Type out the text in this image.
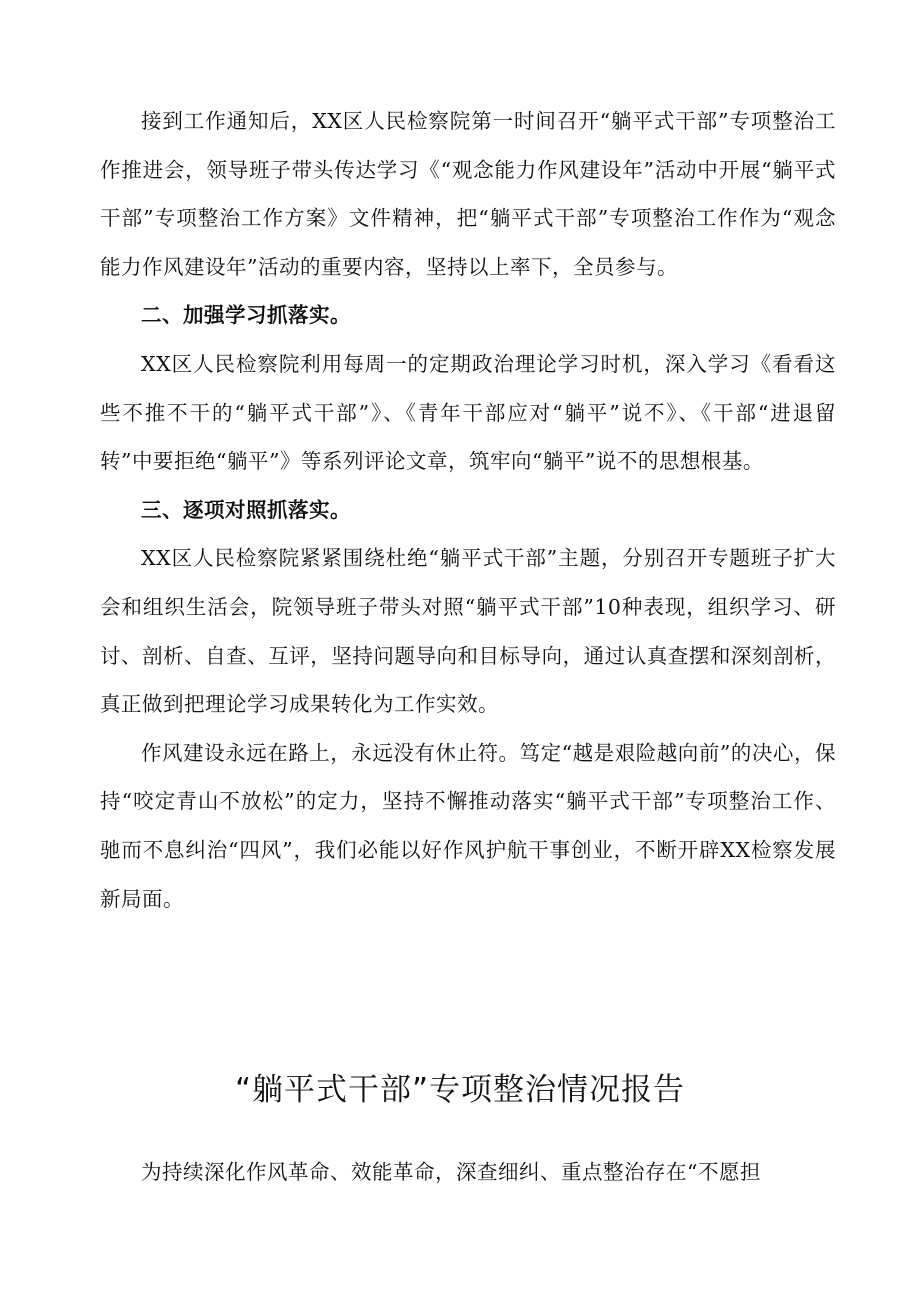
接到工作通知后，XX区人民检察院第一时间召开“躺平式干部”专项整治工作推进会，领导班子带头传达学习《“观念能力作风建设年”活动中开展“躺平式干部”专项整治工作方案》文件精神，把“躺平式干部”专项整治工作作为“观念能力作风建设年”活动的重要内容，坚持以上率下，全员参与。

二、加强学习抓落实。

XX区人民检察院利用每周一的定期政治理论学习时机，深入学习《看看这些不推不干的“躺平式干部”》、《青年干部应对“躺平”说不》、《干部“进退留转”中要拒绝“躺平”》等系列评论文章，筑牢向“躺平”说不的思想根基。

三、逐项对照抓落实。

XX区人民检察院紧紧围绕杜绝“躺平式干部”主题，分别召开专题班子扩大会和组织生活会，院领导班子带头对照“躺平式干部”10种表现，组织学习、研讨、剖析、自查、互评，坚持问题导向和目标导向，通过认真查摆和深刻剖析，真正做到把理论学习成果转化为工作实效。

作风建设永远在路上，永远没有休止符。笃定“越是艰险越向前”的决心，保持“咬定青山不放松”的定力，坚持不懈推动落实“躺平式干部”专项整治工作、驰而不息纠治“四风”，我们必能以好作风护航干事创业，不断开辟XX检察发展新局面。

“躺平式干部”专项整治情况报告

为持续深化作风革命、效能革命，深查细纠、重点整治存在“不愿担
